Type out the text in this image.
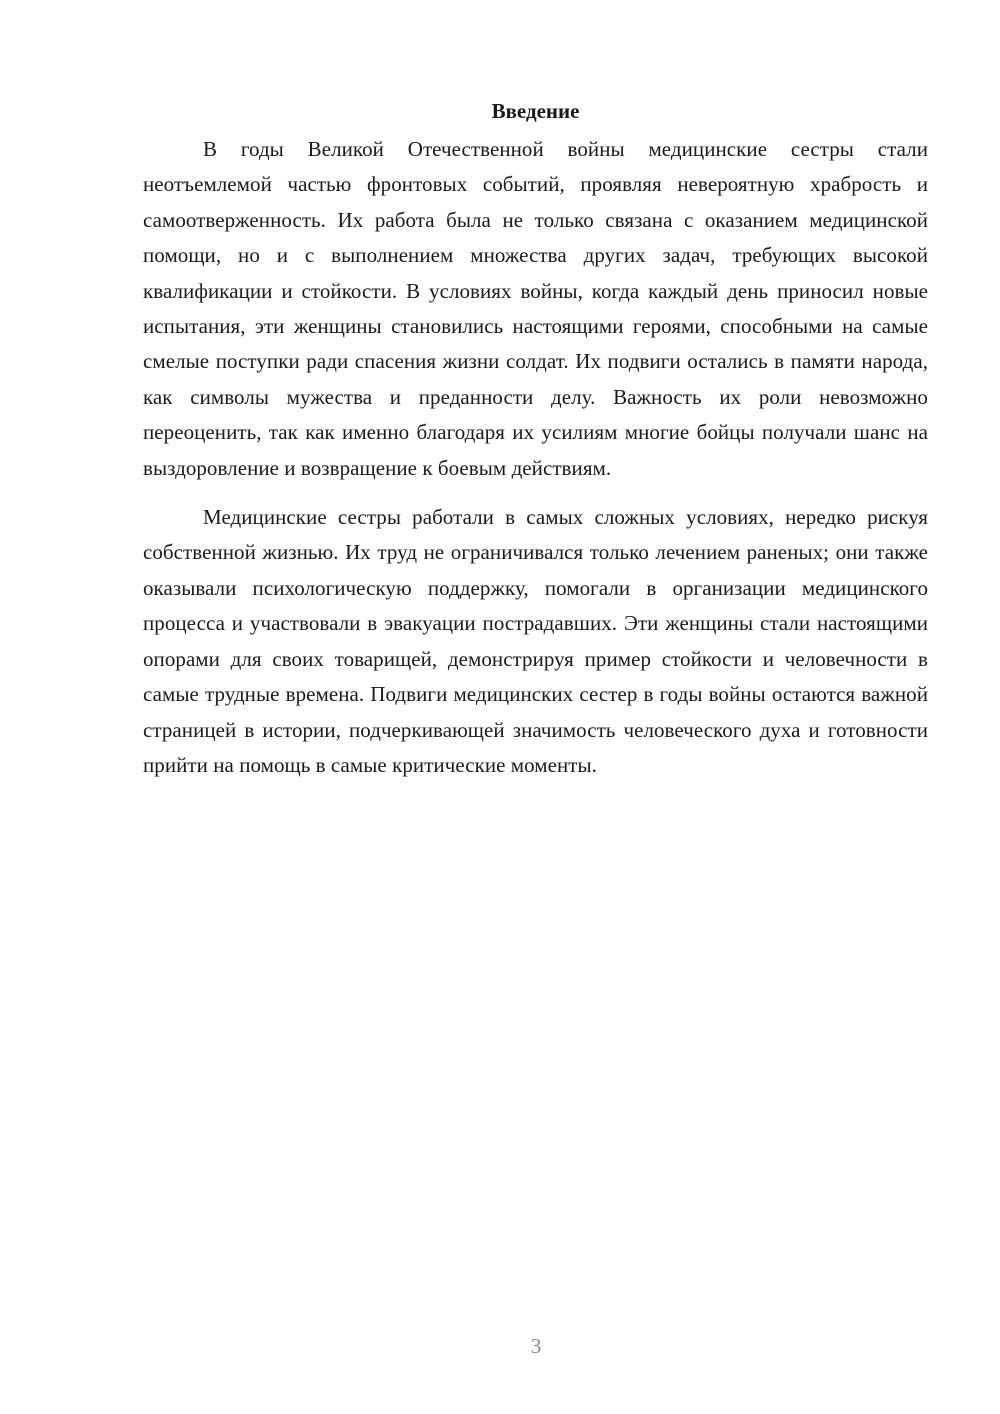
Введение

В годы Великой Отечественной войны медицинские сестры стали неотъемлемой частью фронтовых событий, проявляя невероятную храбрость и самоотверженность. Их работа была не только связана с оказанием медицинской помощи, но и с выполнением множества других задач, требующих высокой квалификации и стойкости. В условиях войны, когда каждый день приносил новые испытания, эти женщины становились настоящими героями, способными на самые смелые поступки ради спасения жизни солдат. Их подвиги остались в памяти народа, как символы мужества и преданности делу. Важность их роли невозможно переоценить, так как именно благодаря их усилиям многие бойцы получали шанс на выздоровление и возвращение к боевым действиям.

Медицинские сестры работали в самых сложных условиях, нередко рискуя собственной жизнью. Их труд не ограничивался только лечением раненых; они также оказывали психологическую поддержку, помогали в организации медицинского процесса и участвовали в эвакуации пострадавших. Эти женщины стали настоящими опорами для своих товарищей, демонстрируя пример стойкости и человечности в самые трудные времена. Подвиги медицинских сестер в годы войны остаются важной страницей в истории, подчеркивающей значимость человеческого духа и готовности прийти на помощь в самые критические моменты.

3
